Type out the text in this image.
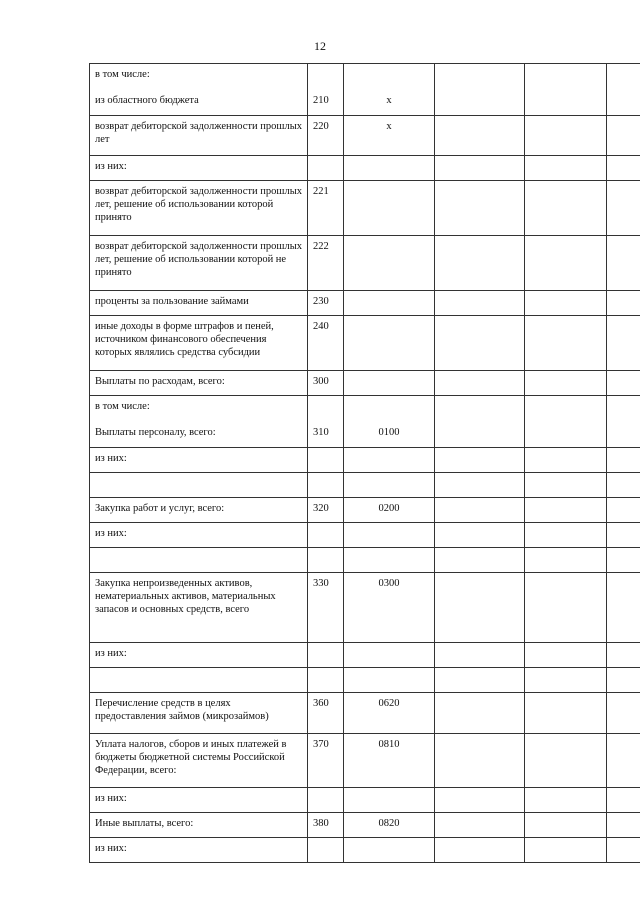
12
в том числе:
из областного бюджета	210	х			

возврат дебиторской задолженности прошлых лет	220	х			

из них:					

возврат дебиторской задолженности прошлых лет, решение об использовании которой принято	221				

возврат дебиторской задолженности прошлых лет, решение об использовании которой не принято	222				

проценты за пользование займами	230				

иные доходы в форме штрафов и пеней, источником финансового обеспечения которых являлись средства субсидии	240				

Выплаты по расходам, всего:	300				

в том числе:
Выплаты персоналу, всего:	310	0100			

из них:					

Закупка работ и услуг, всего:	320	0200			

из них:					

Закупка непроизведенных активов, нематериальных активов, материальных запасов и основных средств, всего	330	0300			

из них:					

Перечисление средств в целях предоставления займов (микрозаймов)	360	0620			

Уплата налогов, сборов и иных платежей в бюджеты бюджетной системы Российской Федерации, всего:	370	0810			

из них:					

Иные выплаты, всего:	380	0820			

из них:					
